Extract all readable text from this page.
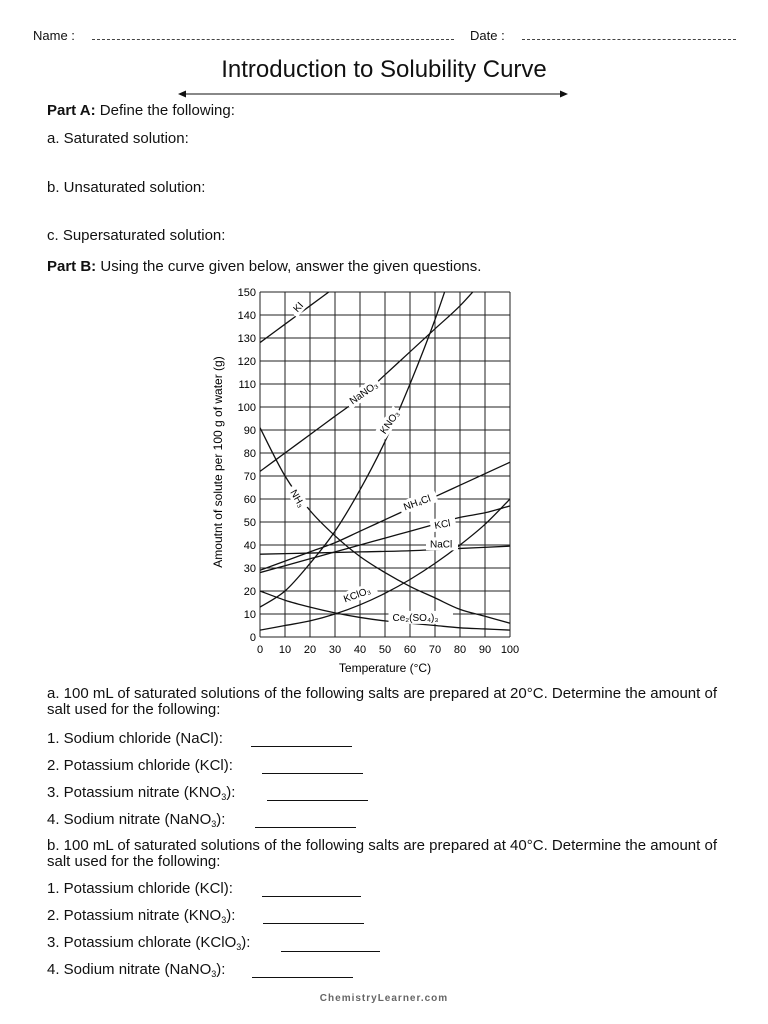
Name :	Date :
Introduction to Solubility Curve
Part A: Define the following:
a. Saturated solution:
b. Unsaturated solution:
c. Supersaturated solution:
Part B: Using the curve given below, answer the given questions.
0 10 20 30 40 50 60 70 80 90 100
0
10
20
30
40
50
60
70
80
90
100
110
120
130
140
150
KI
NaNO₃
KNO₃
NH₃	NH₄Cl
KCl
NaCl
KClO₃
Ce₂(SO₄)₃
Temperature (°C)
Amoutnt of solute per 100 g of water (g)
a. 100 mL of saturated solutions of the following salts are prepared at 20°C. Determine the amount of salt used for the following:
1. Sodium chloride (NaCl):
2. Potassium chloride (KCl):
3. Potassium nitrate $(KNO_3)$:
4. Sodium nitrate (NaNO$_3$):
b. 100 mL of saturated solutions of the following salts are prepared at 40°C. Determine the amount of salt used for the following:
1. Potassium chloride (KCl):
2. Potassium nitrate $(KNO_3)$:
3. Potassium chlorate (KClO$_3$):
4. Sodium nitrate (NaNO$_3$):
ChemistryLearner.com
